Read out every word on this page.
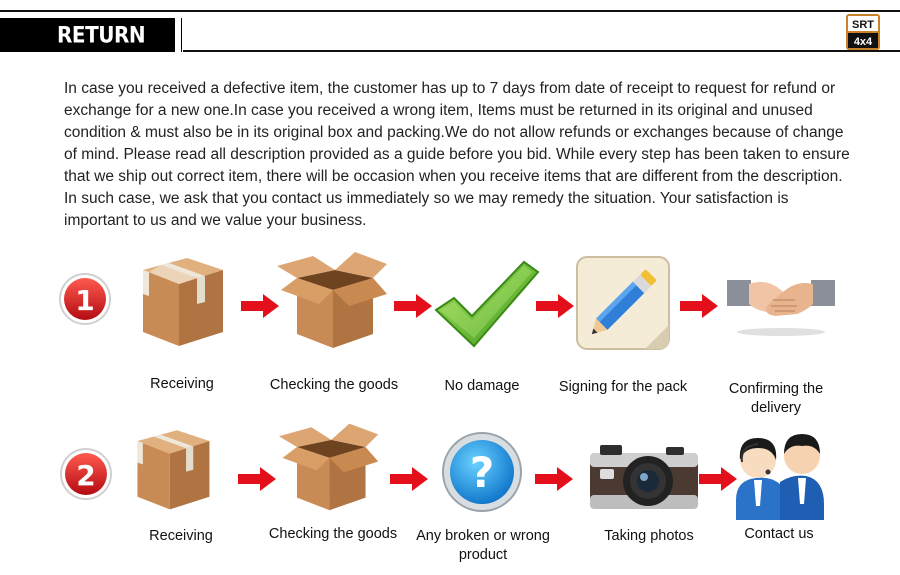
RETURN	SRT
4x4

In case you received a defective item, the customer has up to 7 days from date of receipt to request for refund or exchange for a new one.In case you received a wrong item, Items must be returned in its original and unused condition & must also be in its original box and packing.We do not allow refunds or exchanges because of change of mind. Please read all description provided as a guide before you bid. While every step has been taken to ensure that we ship out correct item, there will be occasion when you receive items that are different from the description. In such case, we ask that you contact us immediately so we may remedy the situation. Your satisfaction is important to us and we value your business.

1
Receiving	Checking the goods	No damage	Signing for the pack	Confirming the delivery
2	?
Receiving	Checking the goods	Any broken or wrong product
Taking photos	Contact us
